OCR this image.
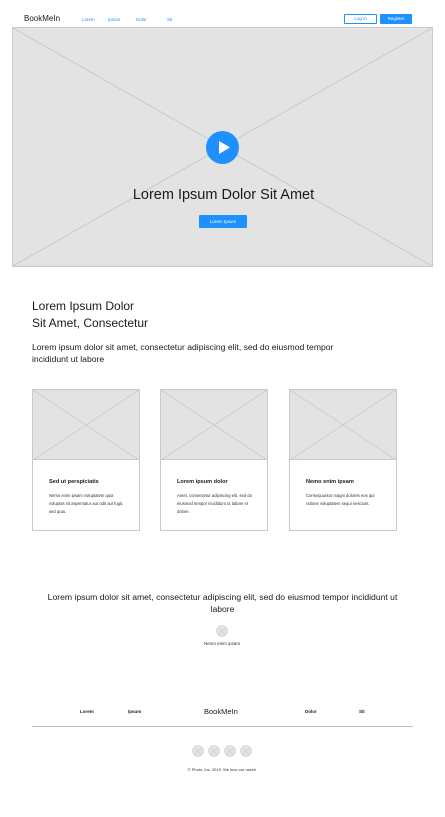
BookMeIn	Lorem	Ipsum	Dolor	Sit	Log in	Register
Lorem Ipsum Dolor Sit Amet
Lorem Ipsum
Lorem Ipsum Dolor
Sit Amet, Consectetur
Lorem ipsum dolor sit amet, consectetur adipiscing elit, sed do eiusmod tempor incididunt ut labore
Sed ut perspiciatis
Nemo enim ipsam voluptatem quia voluptas sit aspernatur aut odit aut fugit, sed quia.
Lorem ipsum dolor
Amet, consectetur adipiscing elit, sed do eiusmod tempor incididunt ut labore et dolore.
Nemo enim ipsam
Consequuntur magni dolores eos qui ratione voluptatem sequi nesciunt.
Lorem ipsum dolor sit amet, consectetur adipiscing elit, sed do eiusmod tempor incididunt ut labore
Nemo enim ipsam
Lorem	Ipsum	BookMeIn	Dolor	Sit
© Photo, Inc. 2019. We love our users!
